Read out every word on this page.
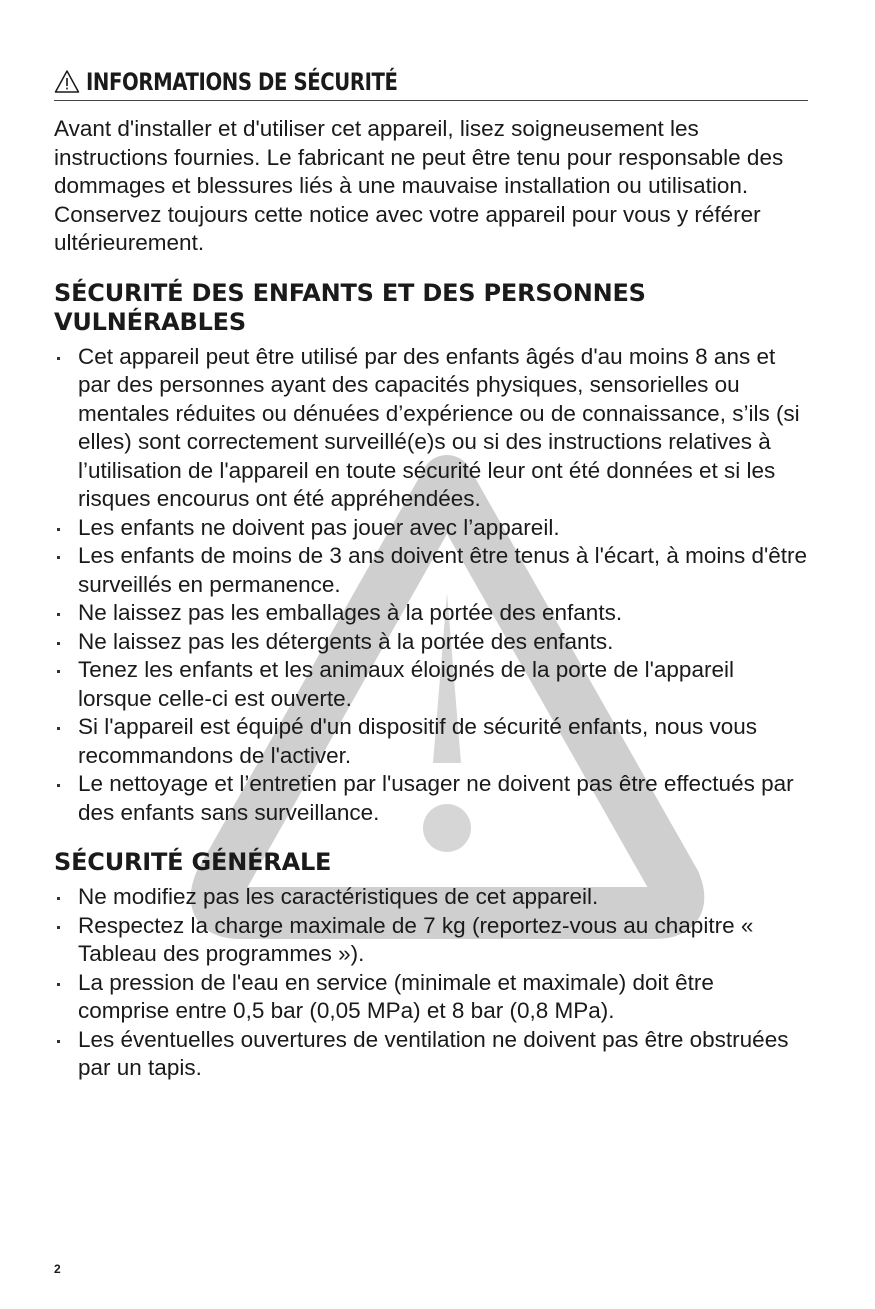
INFORMATIONS DE SÉCURITÉ

Avant d'installer et d'utiliser cet appareil, lisez soigneusement les instructions fournies. Le fabricant ne peut être tenu pour responsable des dommages et blessures liés à une mauvaise installation ou utilisation. Conservez toujours cette notice avec votre appareil pour vous y référer ultérieurement.

SÉCURITÉ DES ENFANTS ET DES PERSONNES VULNÉRABLES
Cet appareil peut être utilisé par des enfants âgés d'au moins 8 ans et par des personnes ayant des capacités physiques, sensorielles ou mentales réduites ou dénuées d’expérience ou de connaissance, s’ils (si elles) sont correctement surveillé(e)s ou si des instructions relatives à l’utilisation de l'appareil en toute sécurité leur ont été données et si les risques encourus ont été appréhendées.
Les enfants ne doivent pas jouer avec l’appareil.
Les enfants de moins de 3 ans doivent être tenus à l'écart, à moins d'être surveillés en permanence.
Ne laissez pas les emballages à la portée des enfants.
Ne laissez pas les détergents à la portée des enfants.
Tenez les enfants et les animaux éloignés de la porte de l'appareil lorsque celle-ci est ouverte.
Si l'appareil est équipé d'un dispositif de sécurité enfants, nous vous recommandons de l'activer.
Le nettoyage et l’entretien par l'usager ne doivent pas être effectués par des enfants sans surveillance.
SÉCURITÉ GÉNÉRALE
Ne modifiez pas les caractéristiques de cet appareil.
Respectez la charge maximale de 7 kg (reportez-vous au chapitre « Tableau des programmes »).
La pression de l'eau en service (minimale et maximale) doit être comprise entre 0,5 bar (0,05 MPa) et 8 bar (0,8 MPa).
Les éventuelles ouvertures de ventilation ne doivent pas être obstruées par un tapis.
2
